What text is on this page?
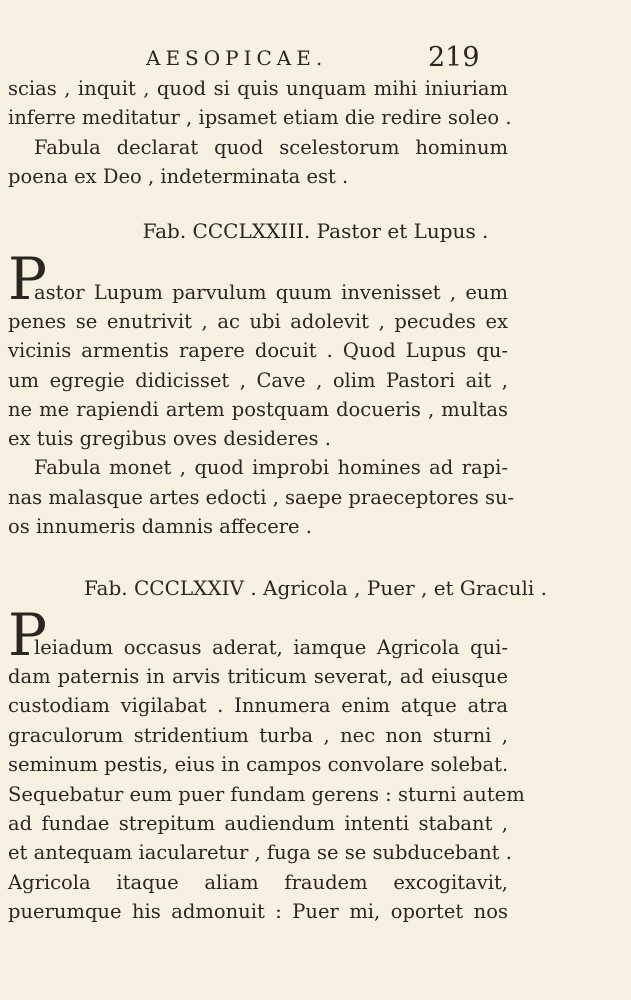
AESOPICAE.	219
scias , inquit , quod si quis unquam mihi iniuriam
inferre meditatur , ipsamet etiam die redire soleo .
Fabula declarat quod scelestorum hominum
poena ex Deo , indeterminata est .
Fab. CCCLXXIII. Pastor et Lupus .
P
astor Lupum parvulum quum invenisset , eum
penes se enutrivit , ac ubi adolevit , pecudes ex
vicinis armentis rapere docuit . Quod Lupus qu-
um egregie didicisset , Cave , olim Pastori ait ,
ne me rapiendi artem postquam docueris , multas
ex tuis gregibus oves desideres .
Fabula monet , quod improbi homines ad rapi-
nas malasque artes edocti , saepe praeceptores su-
os innumeris damnis affecere .
Fab. CCCLXXIV . Agricola , Puer , et Graculi .
P
leiadum occasus aderat, iamque Agricola qui-
dam paternis in arvis triticum severat, ad eiusque
custodiam vigilabat . Innumera enim atque atra
graculorum stridentium turba , nec non sturni ,
seminum pestis, eius in campos convolare solebat.
Sequebatur eum puer fundam gerens : sturni autem
ad fundae strepitum audiendum intenti stabant ,
et antequam iacularetur , fuga se se subducebant .
Agricola itaque aliam fraudem excogitavit,
puerumque his admonuit : Puer mi, oportet nos
